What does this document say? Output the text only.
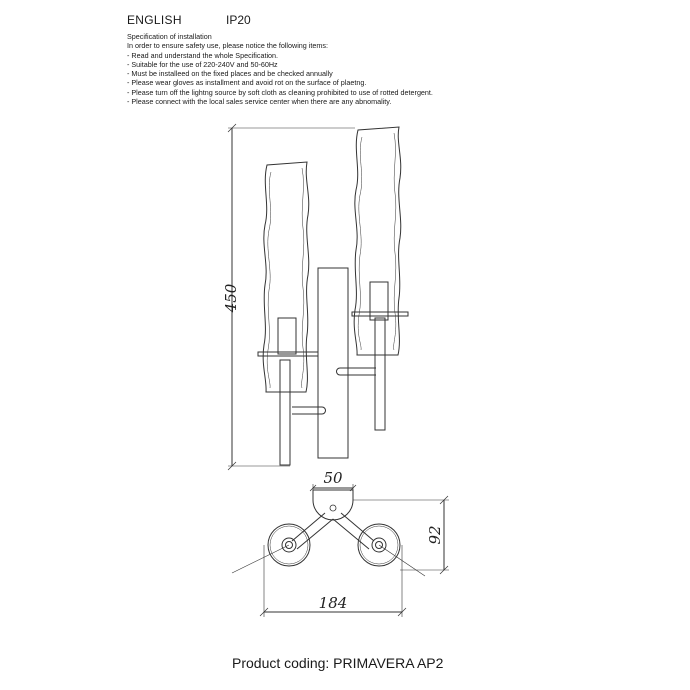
ENGLISH	IP20
Specification of installation
In order to ensure safety use, please notice the following items:
- Read and understand the whole Specification.
- Suitable for the use of 220-240V and 50-60Hz
- Must be installeed on the fixed places and be checked annually
- Please wear gloves as installment and avoid rot on the surface of plaetng.
- Please turn off the lightng source by soft cloth as cleaning prohibited to use of rotted detergent.
- Please connect with the local sales service center when there are any abnomality.
450
50
92
184
Product coding: PRIMAVERA AP2
